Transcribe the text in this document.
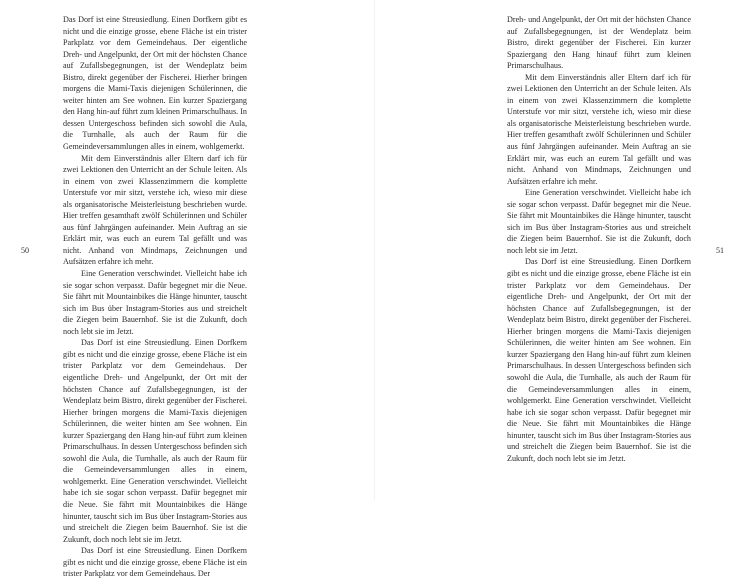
Das Dorf ist eine Streusiedlung. Einen Dorfkern gibt es nicht und die einzige grosse, ebene Fläche ist ein trister Parkplatz vor dem Gemeindehaus. Der eigentliche Dreh- und Angelpunkt, der Ort mit der höchsten Chance auf Zufallsbegegnungen, ist der Wendeplatz beim Bistro, direkt gegenüber der Fischerei. Hierher bringen morgens die Mami-Taxis diejenigen Schülerinnen, die weiter hinten am See wohnen. Ein kurzer Spaziergang den Hang hin-auf führt zum kleinen Primarschulhaus. In dessen Untergeschoss befinden sich sowohl die Aula, die Turnhalle, als auch der Raum für die Gemeindeversammlungen alles in einem, wohlgemerkt.

Mit dem Einverständnis aller Eltern darf ich für zwei Lektionen den Unterricht an der Schule leiten. Als in einem von zwei Klassenzimmern die komplette Unterstufe vor mir sitzt, verstehe ich, wieso mir diese als organisatorische Meisterleistung beschrieben wurde. Hier treffen gesamthaft zwölf Schülerinnen und Schüler aus fünf Jahrgängen aufeinander. Mein Auftrag an sie Erklärt mir, was euch an eurem Tal gefällt und was nicht. Anhand von Mindmaps, Zeichnungen und Aufsätzen erfahre ich mehr.

Eine Generation verschwindet. Vielleicht habe ich sie sogar schon verpasst. Dafür begegnet mir die Neue. Sie fährt mit Mountainbikes die Hänge hinunter, tauscht sich im Bus über Instagram-Stories aus und streichelt die Ziegen beim Bauernhof. Sie ist die Zukunft, doch noch lebt sie im Jetzt.

Das Dorf ist eine Streusiedlung. Einen Dorfkern gibt es nicht und die einzige grosse, ebene Fläche ist ein trister Parkplatz vor dem Gemeindehaus. Der eigentliche Dreh- und Angelpunkt, der Ort mit der höchsten Chance auf Zufallsbegegnungen, ist der Wendeplatz beim Bistro, direkt gegenüber der Fischerei. Hierher bringen morgens die Mami-Taxis diejenigen Schülerinnen, die weiter hinten am See wohnen. Ein kurzer Spaziergang den Hang hin-auf führt zum kleinen Primarschulhaus. In dessen Untergeschoss befinden sich sowohl die Aula, die Turnhalle, als auch der Raum für die Gemeindeversammlungen alles in einem, wohlgemerkt. Eine Generation verschwindet. Vielleicht habe ich sie sogar schon verpasst. Dafür begegnet mir die Neue. Sie fährt mit Mountainbikes die Hänge hinunter, tauscht sich im Bus über Instagram-Stories aus und streichelt die Ziegen beim Bauernhof. Sie ist die Zukunft, doch noch lebt sie im Jetzt.

Das Dorf ist eine Streusiedlung. Einen Dorfkern gibt es nicht und die einzige grosse, ebene Fläche ist ein trister Parkplatz vor dem Gemeindehaus. Der

50

Dreh- und Angelpunkt, der Ort mit der höchsten Chance auf Zufallsbegegnungen, ist der Wendeplatz beim Bistro, direkt gegenüber der Fischerei. Ein kurzer Spaziergang den Hang hinauf führt zum kleinen Primarschulhaus.

Mit dem Einverständnis aller Eltern darf ich für zwei Lektionen den Unterricht an der Schule leiten. Als in einem von zwei Klassenzimmern die komplette Unterstufe vor mir sitzt, verstehe ich, wieso mir diese als organisatorische Meisterleistung beschrieben wurde. Hier treffen gesamthaft zwölf Schülerinnen und Schüler aus fünf Jahrgängen aufeinander. Mein Auftrag an sie Erklärt mir, was euch an eurem Tal gefällt und was nicht. Anhand von Mindmaps, Zeichnungen und Aufsätzen erfahre ich mehr.

Eine Generation verschwindet. Vielleicht habe ich sie sogar schon verpasst. Dafür begegnet mir die Neue. Sie fährt mit Mountainbikes die Hänge hinunter, tauscht sich im Bus über Instagram-Stories aus und streichelt die Ziegen beim Bauernhof. Sie ist die Zukunft, doch noch lebt sie im Jetzt.

Das Dorf ist eine Streusiedlung. Einen Dorfkern gibt es nicht und die einzige grosse, ebene Fläche ist ein trister Parkplatz vor dem Gemeindehaus. Der eigentliche Dreh- und Angelpunkt, der Ort mit der höchsten Chance auf Zufallsbegegnungen, ist der Wendeplatz beim Bistro, direkt gegenüber der Fischerei. Hierher bringen morgens die Mami-Taxis diejenigen Schülerinnen, die weiter hinten am See wohnen. Ein kurzer Spaziergang den Hang hin-auf führt zum kleinen Primarschulhaus. In dessen Untergeschoss befinden sich sowohl die Aula, die Turnhalle, als auch der Raum für die Gemeindeversammlungen alles in einem, wohlgemerkt. Eine Generation verschwindet. Vielleicht habe ich sie sogar schon verpasst. Dafür begegnet mir die Neue. Sie fährt mit Mountainbikes die Hänge hinunter, tauscht sich im Bus über Instagram-Stories aus und streichelt die Ziegen beim Bauernhof. Sie ist die Zukunft, doch noch lebt sie im Jetzt.

51
